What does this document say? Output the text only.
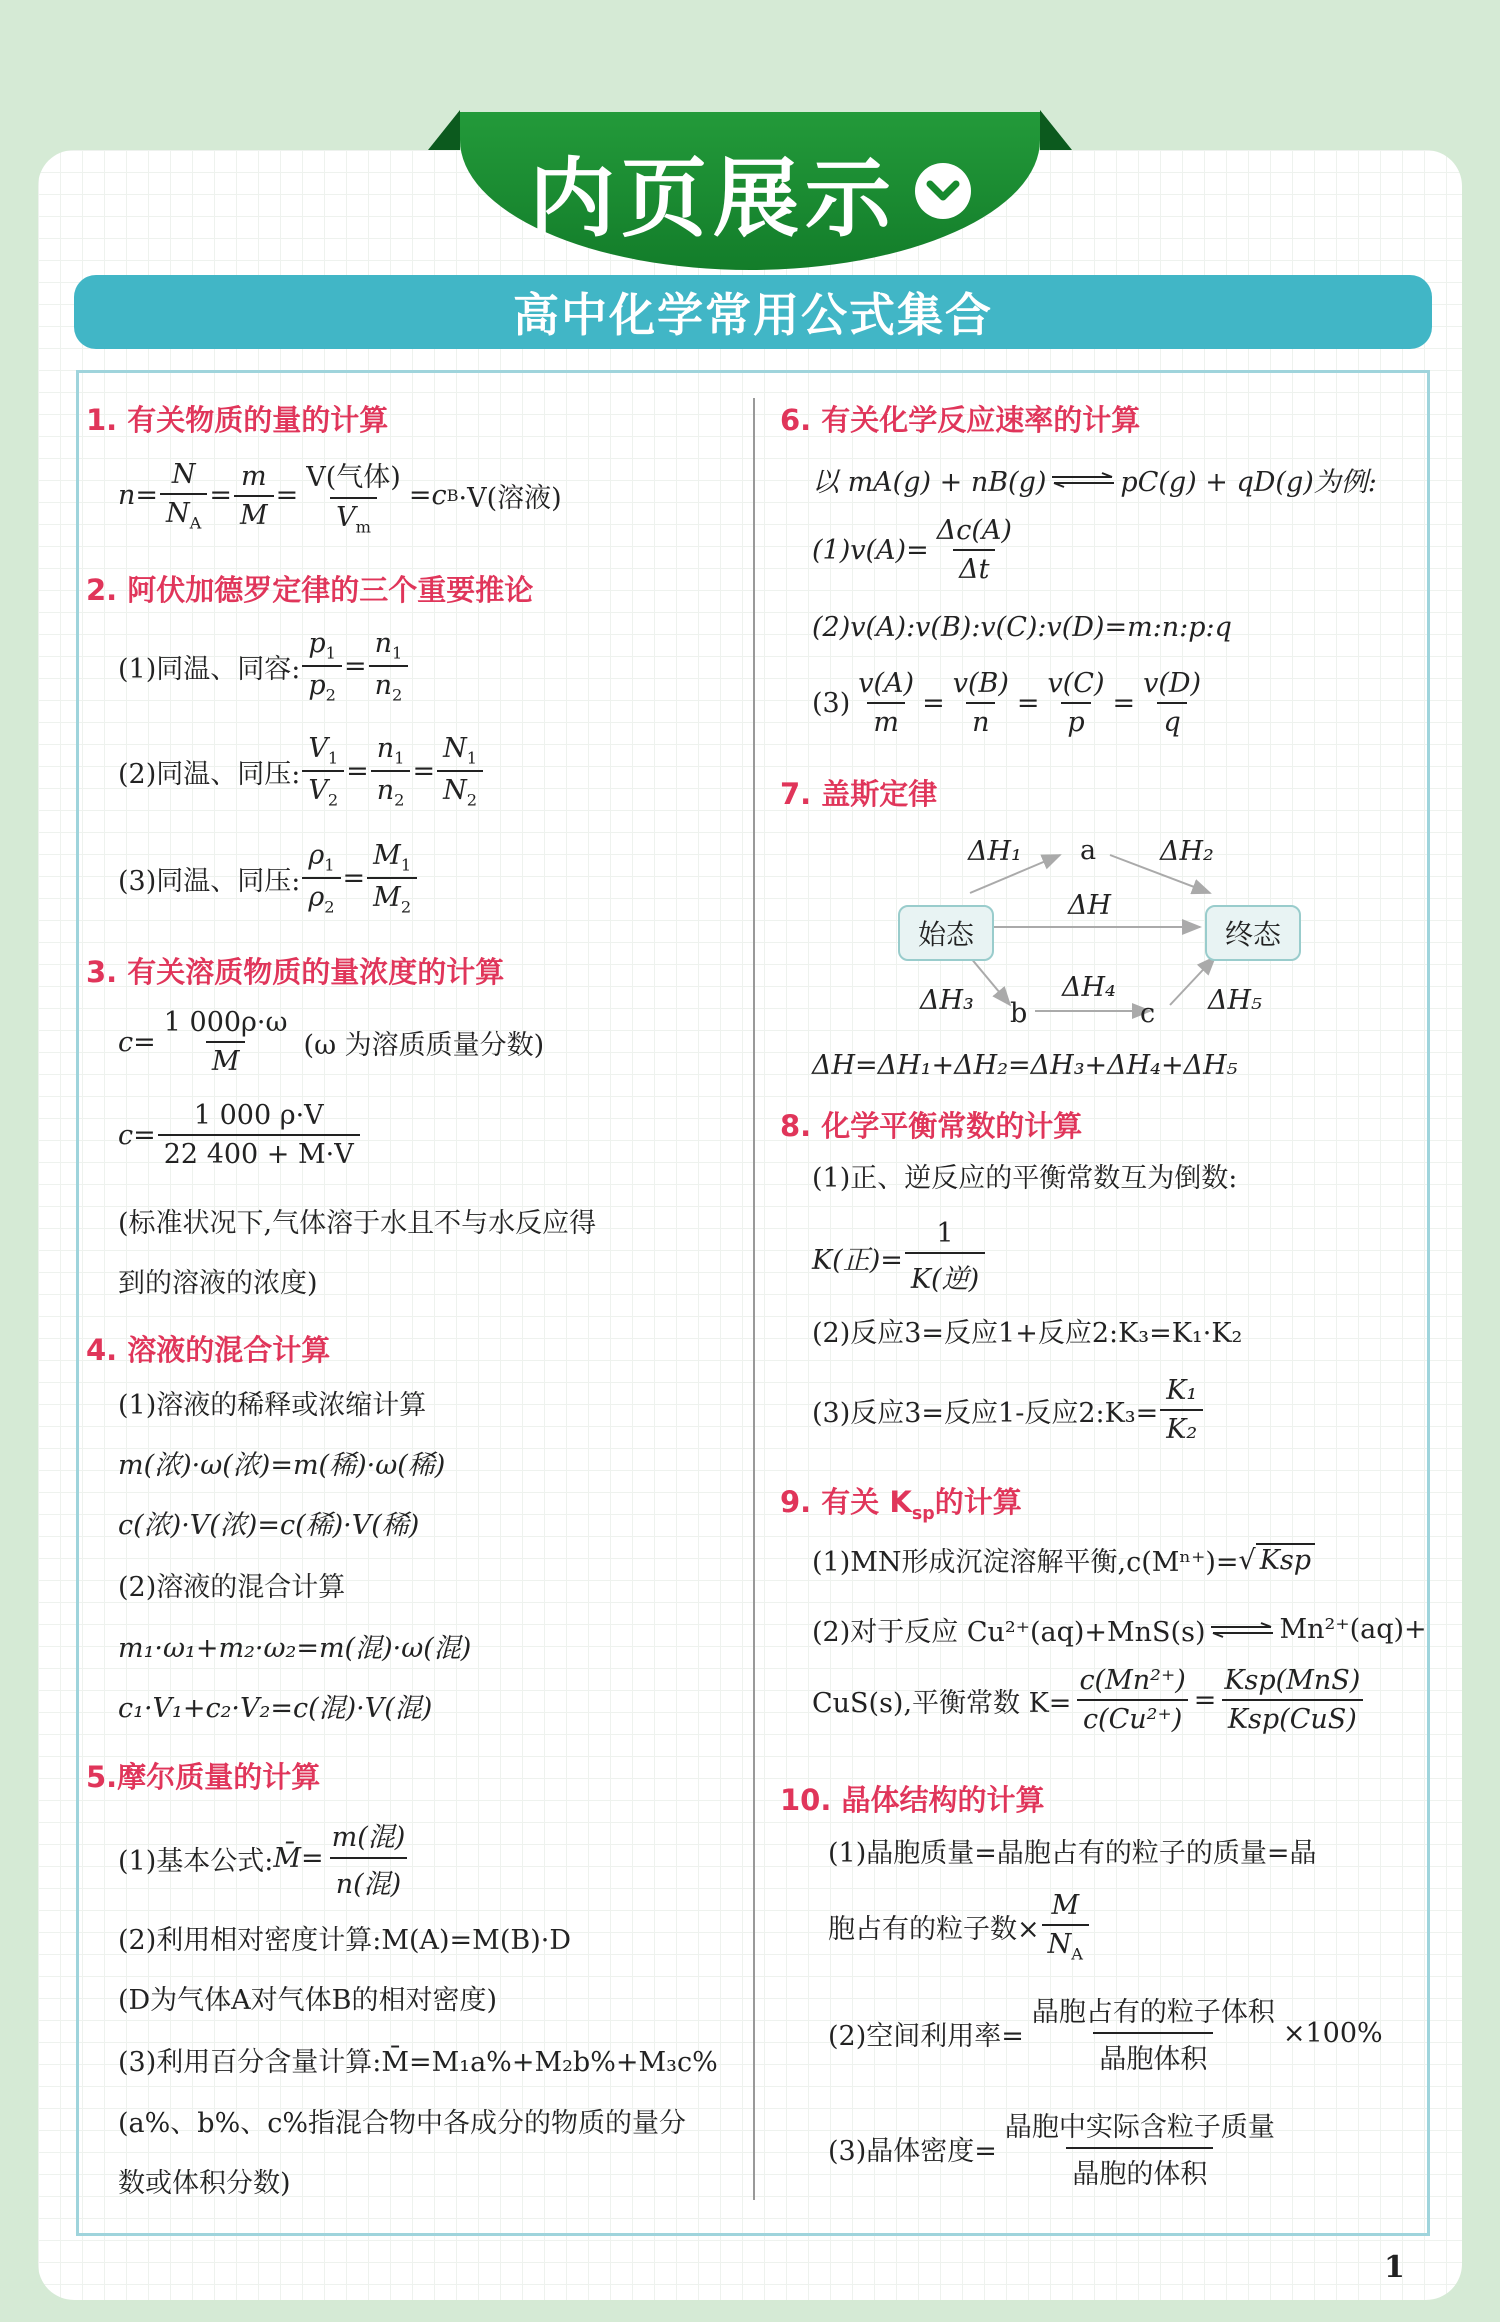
内页展示
高中化学常用公式集合
1. 有关物质的量的计算
$n = \frac{N}{N_A} = \frac{m}{M} = \frac{\text{V(气体)}}{V_m} = c$ B ·V(溶液)
2. 阿伏加德罗定律的三个重要推论
(1)同温、同容: $\frac{p_1}{p_2} = \frac{n_1}{n_2}$
(2)同温、同压: $\frac{V_1}{V_2} = \frac{n_1}{n_2} = \frac{N_1}{N_2}$
(3)同温、同压: $\frac{\rho_1}{\rho_2} = \frac{M_1}{M_2}$
3. 有关溶质物质的量浓度的计算
$c= \frac{1 000\rho\cdot\omega}{M} (\omega$ 为溶质质量分数)
$c= \frac{1 000 \rho\cdot V}{22 400 + M\cdot V}$
(标准状况下,气体溶于水且不与水反应得
到的溶液的浓度)
4. 溶液的混合计算
(1)溶液的稀释或浓缩计算
m(浓)·ω(浓)=m(稀)·ω(稀)
c(浓)·V(浓)=c(稀)·V(稀)
(2)溶液的混合计算
m₁·ω₁+m₂·ω₂=m(混)·ω(混)
c₁·V₁+c₂·V₂=c(混)·V(混)
5.摩尔质量的计算
(1)基本公式: M̄= $\frac{\text{m(混)}}{\text{n(混)}}$
(2)利用相对密度计算:M(A)=M(B)·D
(D为气体A对气体B的相对密度)
(3)利用百分含量计算:M̄=M₁a%+M₂b%+M₃c%
(a%、b%、c%指混合物中各成分的物质的量分
数或体积分数)
6. 有关化学反应速率的计算
以 mA(g) + nB(g) ⇌ pC(g) + qD(g)为例:
$(1)v(A)= \frac{\Delta c(A)}{\Delta t}$
(2)v(A):v(B):v(C):v(D)=m:n:p:q
$(3) \frac{v(A)}{m} = \frac{v(B)}{n} = \frac{v(C)}{p} = \frac{v(D)}{q}$
7. 盖斯定律
始态	终态
a
b	c
ΔH₁	ΔH₂
ΔH
ΔH₃	ΔH₄	ΔH₅
ΔH=ΔH₁+ΔH₂=ΔH₃+ΔH₄+ΔH₅
8. 化学平衡常数的计算
(1)正、逆反应的平衡常数互为倒数:
K(正)= $\frac{1}{\text{K(逆)}}$
(2)反应3=反应1+反应2:K₃=K₁·K₂
(3)反应3=反应1-反应2:K₃= $\frac{\text{K₁}}{\text{K₂}}$
9. 有关 $K_{sp}$的计算
(1)MN形成沉淀溶解平衡,c(Mⁿ⁺)= √ Ksp
(2)对于反应 Cu²⁺(aq)+MnS(s) ⇌ Mn²⁺(aq)+
CuS(s),平衡常数 $K= \frac{\text{c(Mn²⁺)}}{\text{c(Cu²⁺)}} = \frac{\text{Ksp(MnS)}}{\text{Ksp(CuS)}}$
10. 晶体结构的计算
(1)晶胞质量=晶胞占有的粒子的质量=晶
胞占有的粒子数× $\frac{M}{N_A}$
(2)空间利用率= $\frac{\text{晶胞占有的粒子体积}}{\text{晶胞体积}} \times 100\%$
(3)晶体密度= $\frac{\text{晶胞中实际含粒子质量}}{\text{晶胞的体积}}$
1
